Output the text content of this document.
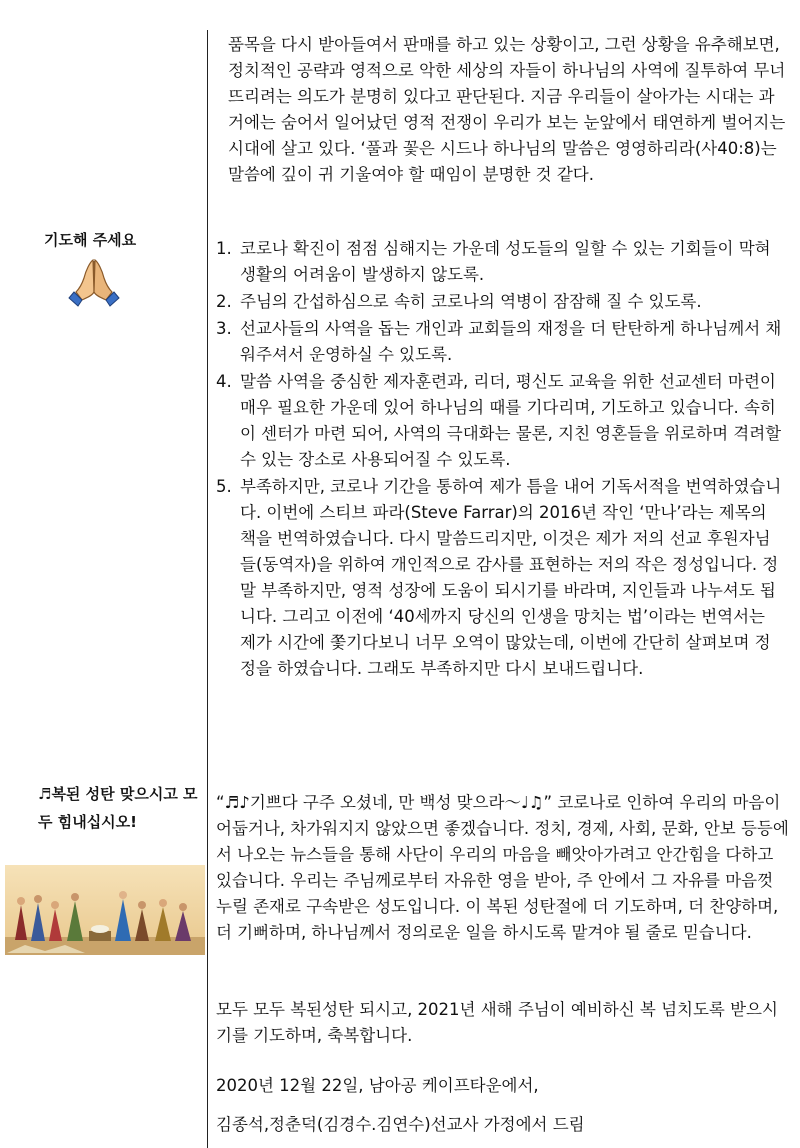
품목을 다시 받아들여서 판매를 하고 있는 상황이고, 그런 상황을 유추해보면, 정치적인 공략과 영적으로 악한 세상의 자들이 하나님의 사역에 질투하여 무너뜨리려는 의도가 분명히 있다고 판단된다. 지금 우리들이 살아가는 시대는 과거에는 숨어서 일어났던 영적 전쟁이 우리가 보는 눈앞에서 태연하게 벌어지는 시대에 살고 있다. ‘풀과 꽃은 시드나 하나님의 말씀은 영영하리라(사40:8)는 말씀에 깊이 귀 기울여야 할 때임이 분명한 것 같다.
기도해 주세요	1. 코로나 확진이 점점 심해지는 가운데 성도들의 일할 수 있는 기회들이 막혀 생활의 어려움이 발생하지 않도록.
2. 주님의 간섭하심으로 속히 코로나의 역병이 잠잠해 질 수 있도록.
3. 선교사들의 사역을 돕는 개인과 교회들의 재정을 더 탄탄하게 하나님께서 채워주셔서 운영하실 수 있도록.
4. 말씀 사역을 중심한 제자훈련과, 리더, 평신도 교육을 위한 선교센터 마련이 매우 필요한 가운데 있어 하나님의 때를 기다리며, 기도하고 있습니다. 속히 이 센터가 마련 되어, 사역의 극대화는 물론, 지친 영혼들을 위로하며 격려할 수 있는 장소로 사용되어질 수 있도록.
5. 부족하지만, 코로나 기간을 통하여 제가 틈을 내어 기독서적을 번역하였습니다. 이번에 스티브 파라(Steve Farrar)의 2016년 작인 ‘만나’라는 제목의 책을 번역하였습니다. 다시 말씀드리지만, 이것은 제가 저의 선교 후원자님들(동역자)을 위하여 개인적으로 감사를 표현하는 저의 작은 정성입니다. 정말 부족하지만, 영적 성장에 도움이 되시기를 바라며, 지인들과 나누셔도 됩니다. 그리고 이전에 ‘40세까지 당신의 인생을 망치는 법’이라는 번역서는 제가 시간에 쫓기다보니 너무 오역이 많았는데, 이번에 간단히 살펴보며 정정을 하였습니다. 그래도 부족하지만 다시 보내드립니다.
♬복된 성탄 맞으시고 모두 힘내십시오!
“♬♪기쁘다 구주 오셨네, 만 백성 맞으라～♩♫” 코로나로 인하여 우리의 마음이 어둡거나, 차가워지지 않았으면 좋겠습니다. 정치, 경제, 사회, 문화, 안보 등등에서 나오는 뉴스들을 통해 사단이 우리의 마음을 빼앗아가려고 안간힘을 다하고 있습니다. 우리는 주님께로부터 자유한 영을 받아, 주 안에서 그 자유를 마음껏 누릴 존재로 구속받은 성도입니다. 이 복된 성탄절에 더 기도하며, 더 찬양하며, 더 기뻐하며, 하나님께서 정의로운 일을 하시도록 맡겨야 될 줄로 믿습니다.
모두 모두 복된성탄 되시고, 2021년 새해 주님이 예비하신 복 넘치도록 받으시기를 기도하며, 축복합니다.
2020년 12월 22일, 남아공 케이프타운에서,
김종석,정춘덕(김경수.김연수)선교사 가정에서 드림
